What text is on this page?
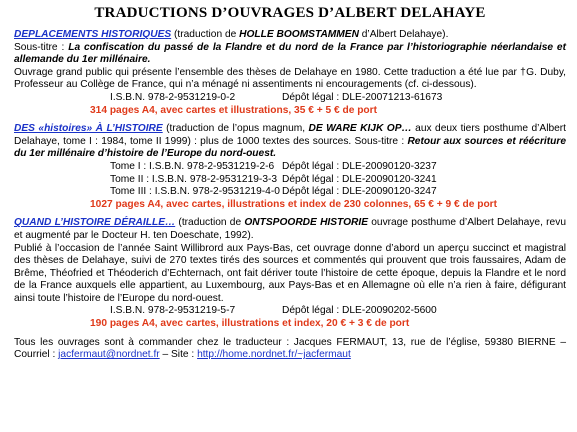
TRADUCTIONS D’OUVRAGES D’ALBERT DELAHAYE

DEPLACEMENTS HISTORIQUES (traduction de HOLLE BOOMSTAMMEN d’Albert Delahaye).

Sous-titre : La confiscation du passé de la Flandre et du nord de la France par l’historiographie néerlandaise et allemande du 1er millénaire.

Ouvrage grand public qui présente l’ensemble des thèses de Delahaye en 1980. Cette traduction a été lue par †G. Duby, Professeur au Collège de France, qui n’a ménagé ni assentiments ni encouragements (cf. ci-dessous).

I.S.B.N. 978-2-9531219-0-2	Dépôt légal : DLE-20071213-61673

314 pages A4, avec cartes et illustrations, 35 € + 5 € de port

DES «histoires» À L’HISTOIRE (traduction de l’opus magnum, DE WARE KIJK OP… aux deux tiers posthume d’Albert Delahaye, tome I : 1984, tome II 1999) : plus de 1000 textes des sources. Sous-titre : Retour aux sources et réécriture du 1er millénaire d’histoire de l’Europe du nord-ouest.

Tome I : I.S.B.N. 978-2-9531219-2-6 Dépôt légal : DLE-20090120-3237
Tome II : I.S.B.N. 978-2-9531219-3-3 Dépôt légal : DLE-20090120-3241
Tome III : I.S.B.N. 978-2-9531219-4-0 Dépôt légal : DLE-20090120-3247

1027 pages A4, avec cartes, illustrations et index de 230 colonnes, 65 € + 9 € de port

QUAND L’HISTOIRE DÉRAILLE… (traduction de ONTSPOORDE HISTORIE ouvrage posthume d’Albert Delahaye, revu et augmenté par le Docteur H. ten Doeschate, 1992).

Publié à l’occasion de l’année Saint Willibrord aux Pays-Bas, cet ouvrage donne d’abord un aperçu succinct et magistral des thèses de Delahaye, suivi de 270 textes tirés des sources et commentés qui prouvent que trois faussaires, Adam de Brême, Théofried et Théoderich d’Echternach, ont fait dériver toute l’histoire de cette époque, depuis la Flandre et le nord de la France auxquels elle appartient, au Luxembourg, aux Pays-Bas et en Allemagne où elle n’a rien à faire, défigurant ainsi toute l’histoire de l’Europe du nord-ouest.

I.S.B.N. 978-2-9531219-5-7	Dépôt légal : DLE-20090202-5600

190 pages A4, avec cartes, illustrations et index, 20 € + 3 € de port

Tous les ouvrages sont à commander chez le traducteur : Jacques FERMAUT, 13, rue de l’église, 59380 BIERNE – Courriel : jacfermaut@nordnet.fr – Site : http://home.nordnet.fr/~jacfermaut
